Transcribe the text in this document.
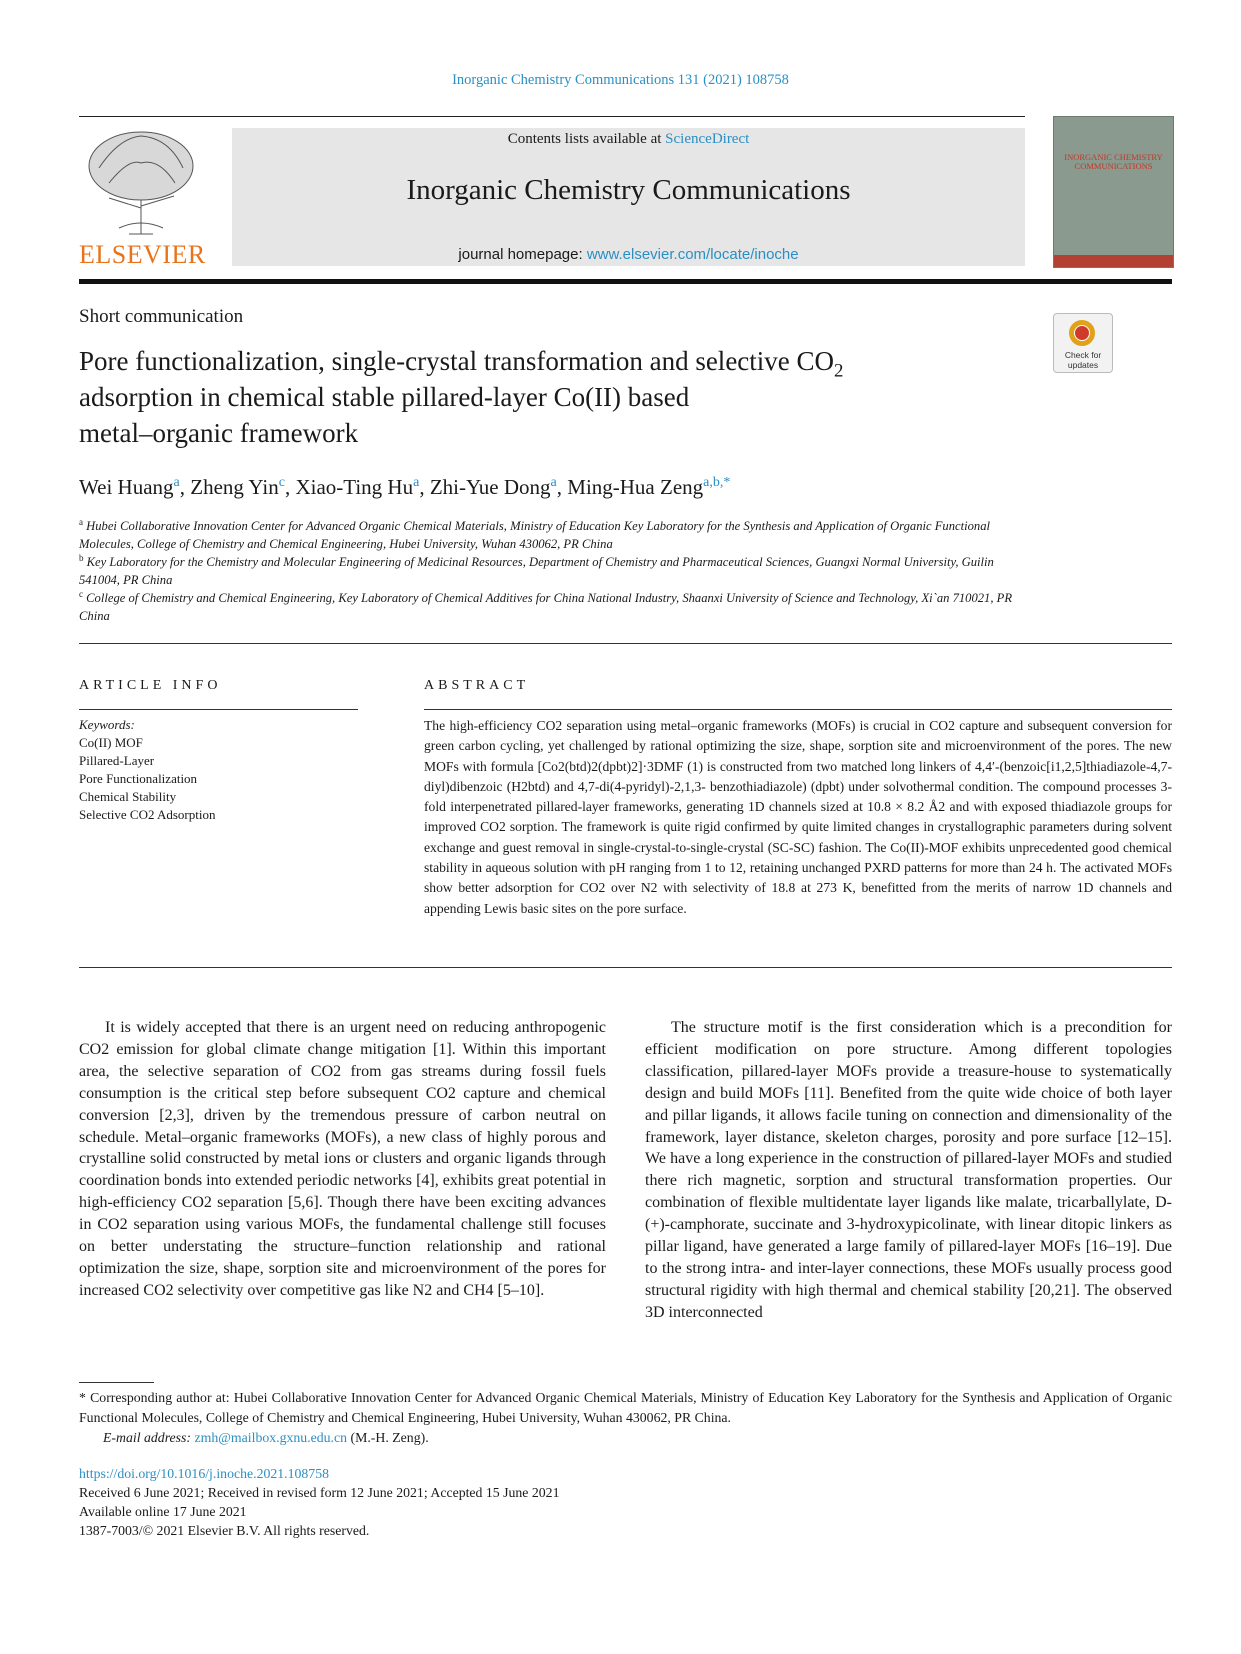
Inorganic Chemistry Communications 131 (2021) 108758
ELSEVIER
Contents lists available at ScienceDirect
Inorganic Chemistry Communications
journal homepage: www.elsevier.com/locate/inoche
INORGANIC CHEMISTRY COMMUNICATIONS
Short communication
Check for updates
Pore functionalization, single-crystal transformation and selective $CO_2$
adsorption in chemical stable pillared-layer Co(II) based
metal–organic framework
Wei Huang$^a$, Zheng Yin$^c$, Xiao-Ting Hu$^a$, Zhi-Yue Dong$^a$, Ming-Hua Zeng$^{a,b,*}$

$^a$ Hubei Collaborative Innovation Center for Advanced Organic Chemical Materials, Ministry of Education Key Laboratory for the Synthesis and Application of Organic Functional Molecules, College of Chemistry and Chemical Engineering, Hubei University, Wuhan 430062, PR China

$^b$ Key Laboratory for the Chemistry and Molecular Engineering of Medicinal Resources, Department of Chemistry and Pharmaceutical Sciences, Guangxi Normal University, Guilin 541004, PR China

$^c$ College of Chemistry and Chemical Engineering, Key Laboratory of Chemical Additives for China National Industry, Shaanxi University of Science and Technology, Xi`an 710021, PR China

ARTICLE INFO	ABSTRACT
Keywords:
Co(II) MOF
Pillared-Layer
Pore Functionalization
Chemical Stability
Selective CO2 Adsorption
The high-efficiency CO2 separation using metal–organic frameworks (MOFs) is crucial in CO2 capture and subsequent conversion for green carbon cycling, yet challenged by rational optimizing the size, shape, sorption site and microenvironment of the pores. The new MOFs with formula [Co2(btd)2(dpbt)2]·3DMF (1) is constructed from two matched long linkers of 4,4′-(benzoic[i1,2,5]thiadiazole-4,7-diyl)dibenzoic (H2btd) and 4,7-di(4-pyridyl)-2,1,3- benzothiadiazole) (dpbt) under solvothermal condition. The compound processes 3-fold interpenetrated pillared-layer frameworks, generating 1D channels sized at 10.8 × 8.2 Å2 and with exposed thiadiazole groups for improved CO2 sorption. The framework is quite rigid confirmed by quite limited changes in crystallographic parameters during solvent exchange and guest removal in single-crystal-to-single-crystal (SC-SC) fashion. The Co(II)-MOF exhibits unprecedented good chemical stability in aqueous solution with pH ranging from 1 to 12, retaining unchanged PXRD patterns for more than 24 h. The activated MOFs show better adsorption for CO2 over N2 with selectivity of 18.8 at 273 K, benefitted from the merits of narrow 1D channels and appending Lewis basic sites on the pore surface.

It is widely accepted that there is an urgent need on reducing anthropogenic CO2 emission for global climate change mitigation [1]. Within this important area, the selective separation of CO2 from gas streams during fossil fuels consumption is the critical step before subsequent CO2 capture and chemical conversion [2,3], driven by the tremendous pressure of carbon neutral on schedule. Metal–organic frameworks (MOFs), a new class of highly porous and crystalline solid constructed by metal ions or clusters and organic ligands through coordination bonds into extended periodic networks [4], exhibits great potential in high-efficiency CO2 separation [5,6]. Though there have been exciting advances in CO2 separation using various MOFs, the fundamental challenge still focuses on better understating the structure–function relationship and rational optimization the size, shape, sorption site and microenvironment of the pores for increased CO2 selectivity over competitive gas like N2 and CH4 [5–10].

The structure motif is the first consideration which is a precondition for efficient modification on pore structure. Among different topologies classification, pillared-layer MOFs provide a treasure-house to systematically design and build MOFs [11]. Benefited from the quite wide choice of both layer and pillar ligands, it allows facile tuning on connection and dimensionality of the framework, layer distance, skeleton charges, porosity and pore surface [12–15]. We have a long experience in the construction of pillared-layer MOFs and studied there rich magnetic, sorption and structural transformation properties. Our combination of flexible multidentate layer ligands like malate, tricarballylate, D-(+)-camphorate, succinate and 3-hydroxypicolinate, with linear ditopic linkers as pillar ligand, have generated a large family of pillared-layer MOFs [16–19]. Due to the strong intra- and inter-layer connections, these MOFs usually process good structural rigidity with high thermal and chemical stability [20,21]. The observed 3D interconnected

* Corresponding author at: Hubei Collaborative Innovation Center for Advanced Organic Chemical Materials, Ministry of Education Key Laboratory for the Synthesis and Application of Organic Functional Molecules, College of Chemistry and Chemical Engineering, Hubei University, Wuhan 430062, PR China.

E-mail address: zmh@mailbox.gxnu.edu.cn (M.-H. Zeng).

https://doi.org/10.1016/j.inoche.2021.108758

Received 6 June 2021; Received in revised form 12 June 2021; Accepted 15 June 2021

Available online 17 June 2021

1387-7003/© 2021 Elsevier B.V. All rights reserved.
